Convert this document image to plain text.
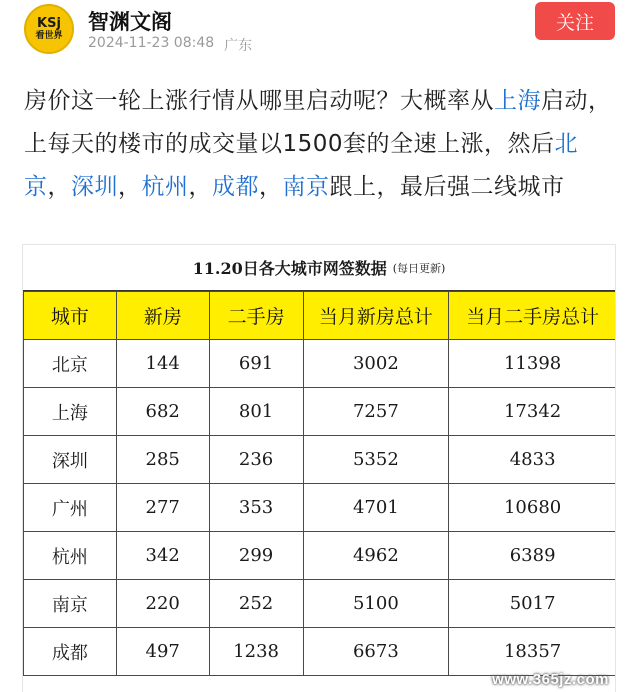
KSj
看世界
智渊文阁
2024-11-23 08:48 广东
关注
房价这一轮上涨行情从哪里启动呢？大概率从上海启动，上每天的楼市的成交量以1500套的全速上涨，然后北京，深圳，杭州，成都，南京跟上，最后强二线城市
11.20日各大城市网签数据 (每日更新)
城市	新房	二手房	当月新房总计	当月二手房总计
北京	144	691	3002	11398
上海	682	801	7257	17342
深圳	285	236	5352	4833
广州	277	353	4701	10680
杭州	342	299	4962	6389
南京	220	252	5100	5017
成都	497	1238	6673	18357
www.365jz.com
